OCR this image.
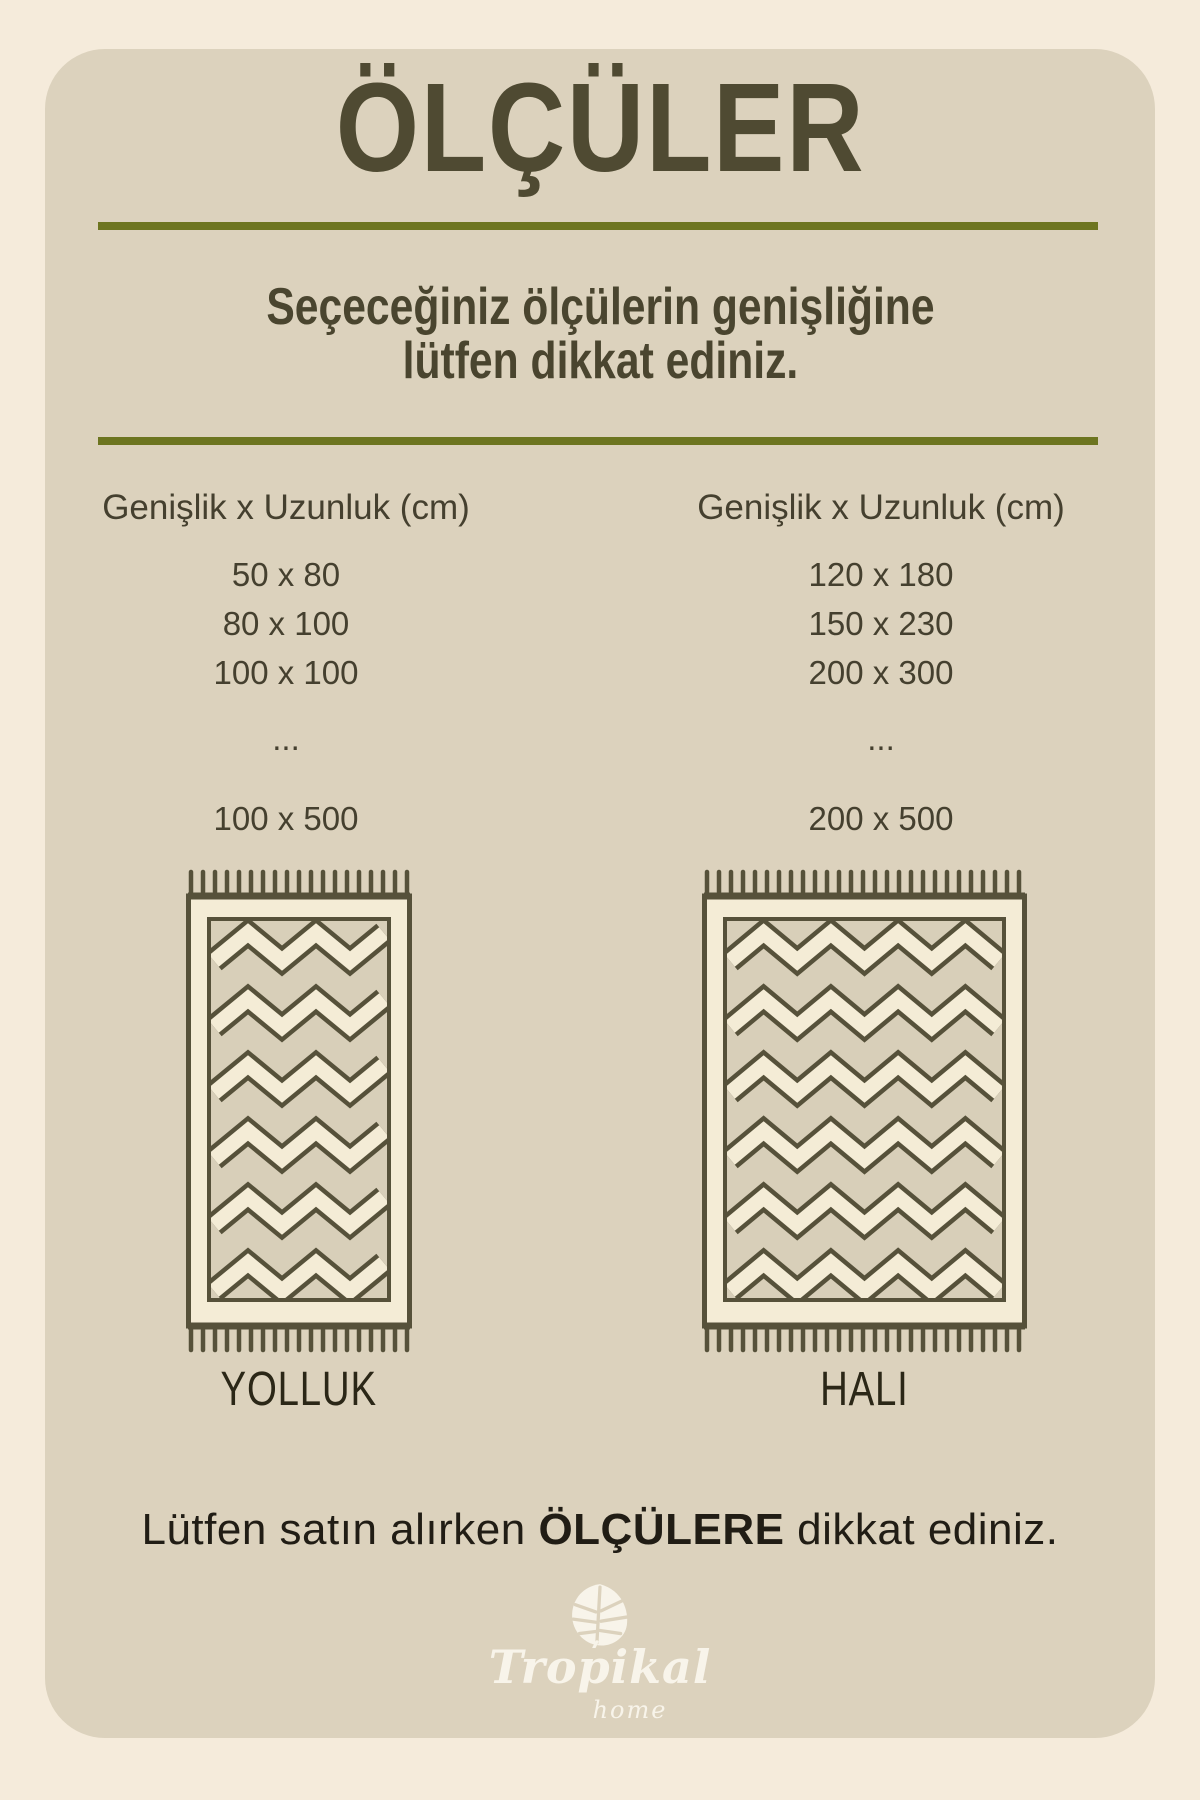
ÖLÇÜLER
Seçeceğiniz ölçülerin genişliğine
lütfen dikkat ediniz.
Genişlik x Uzunluk (cm)
50 x 80
80 x 100
100 x 100
...
100 x 500
Genişlik x Uzunluk (cm)
120 x 180
150 x 230
200 x 300
...
200 x 500
YOLLUK	HALI
Lütfen satın alırken ÖLÇÜLERE dikkat ediniz.
Tropikal
home
